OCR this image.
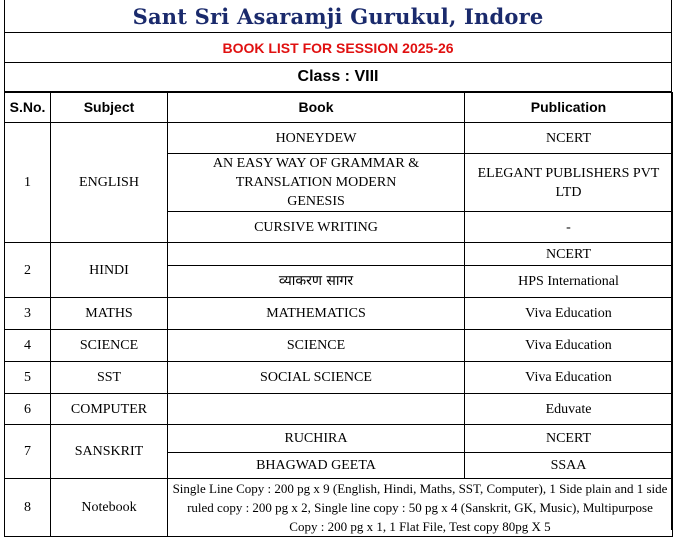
Sant Sri Asaramji Gurukul, Indore
BOOK LIST FOR SESSION 2025-26
Class : VIII
S.No.	Subject	Book	Publication
1	ENGLISH	HONEYDEW	NCERT
		AN EASY WAY OF GRAMMAR & TRANSLATION MODERN GENESIS	ELEGANT PUBLISHERS PVT LTD
		CURSIVE WRITING	-
2	HINDI		NCERT
		व्याकरण सागर	HPS International
3	MATHS	MATHEMATICS	Viva Education
4	SCIENCE	SCIENCE	Viva Education
5	SST	SOCIAL SCIENCE	Viva Education
6	COMPUTER		Eduvate
7	SANSKRIT	RUCHIRA	NCERT
		BHAGWAD GEETA	SSAA
8	Notebook	Single Line Copy : 200 pg x 9 (English, Hindi, Maths, SST, Computer), 1 Side plain and 1 side ruled copy : 200 pg x 2, Single line copy : 50 pg x 4 (Sanskrit, GK, Music), Multipurpose Copy : 200 pg x 1, 1 Flat File, Test copy 80pg X 5	
